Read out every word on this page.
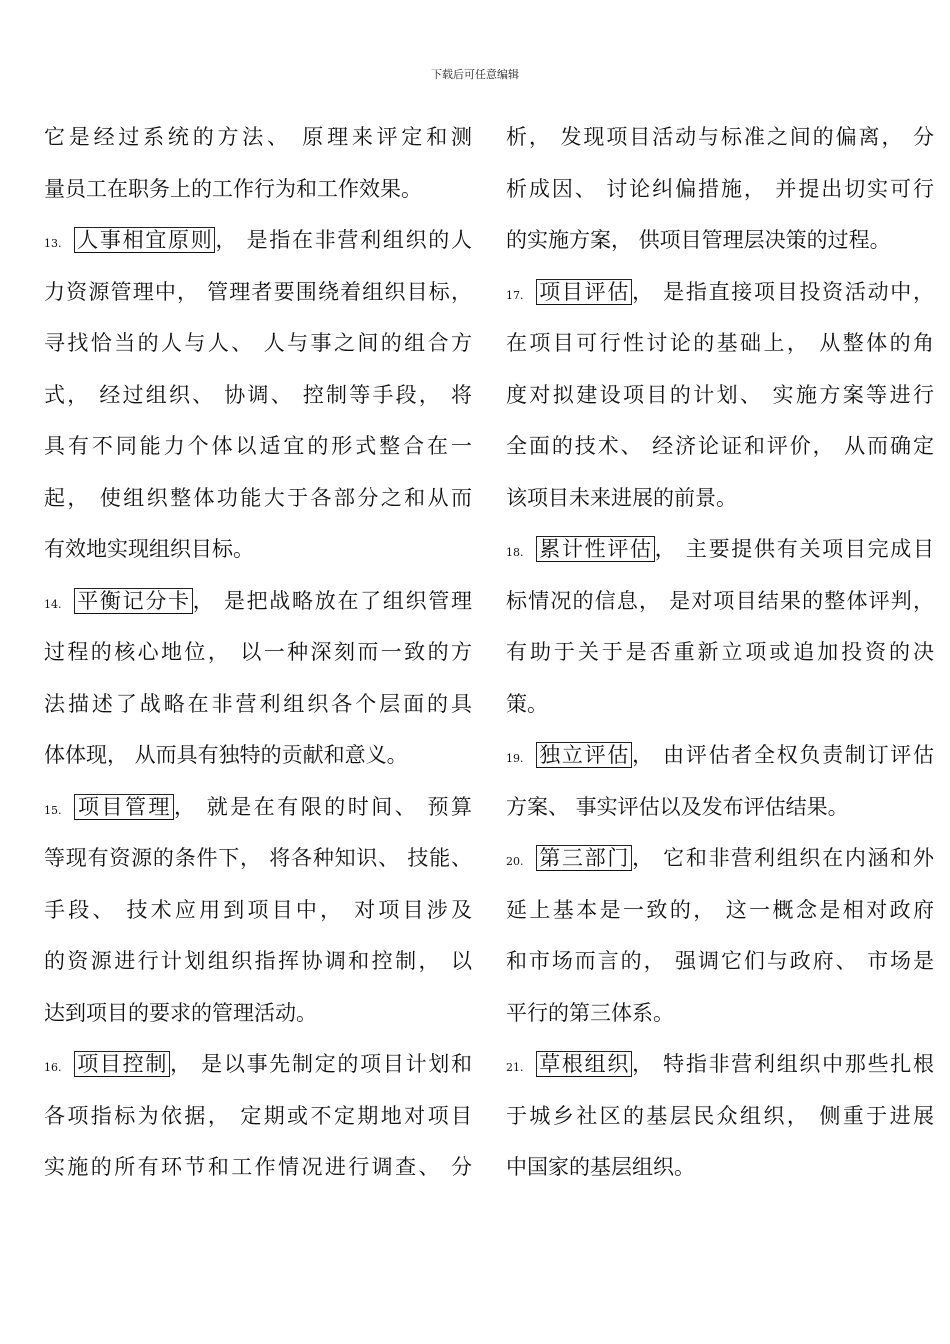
下载后可任意编辑
它是经过系统的方法、 原理来评定和测
量员工在职务上的工作行为和工作效果。
13. 人事相宜原则， 是指在非营利组织的人
力资源管理中， 管理者要围绕着组织目标，
寻找恰当的人与人、 人与事之间的组合方
式， 经过组织、 协调、 控制等手段， 将
具有不同能力个体以适宜的形式整合在一
起， 使组织整体功能大于各部分之和从而
有效地实现组织目标。
14. 平衡记分卡， 是把战略放在了组织管理
过程的核心地位， 以一种深刻而一致的方
法描述了战略在非营利组织各个层面的具
体体现， 从而具有独特的贡献和意义。
15. 项目管理， 就是在有限的时间、 预算
等现有资源的条件下， 将各种知识、 技能、
手段、 技术应用到项目中， 对项目涉及
的资源进行计划组织指挥协调和控制， 以
达到项目的要求的管理活动。
16. 项目控制， 是以事先制定的项目计划和
各项指标为依据， 定期或不定期地对项目
实施的所有环节和工作情况进行调查、 分
析， 发现项目活动与标准之间的偏离， 分
析成因、 讨论纠偏措施， 并提出切实可行
的实施方案， 供项目管理层决策的过程。
17. 项目评估， 是指直接项目投资活动中，
在项目可行性讨论的基础上， 从整体的角
度对拟建设项目的计划、 实施方案等进行
全面的技术、 经济论证和评价， 从而确定
该项目未来进展的前景。
18. 累计性评估， 主要提供有关项目完成目
标情况的信息， 是对项目结果的整体评判，
有助于关于是否重新立项或追加投资的决
策。
19. 独立评估， 由评估者全权负责制订评估
方案、 事实评估以及发布评估结果。
20. 第三部门， 它和非营利组织在内涵和外
延上基本是一致的， 这一概念是相对政府
和市场而言的， 强调它们与政府、 市场是
平行的第三体系。
21. 草根组织， 特指非营利组织中那些扎根
于城乡社区的基层民众组织， 侧重于进展
中国家的基层组织。
